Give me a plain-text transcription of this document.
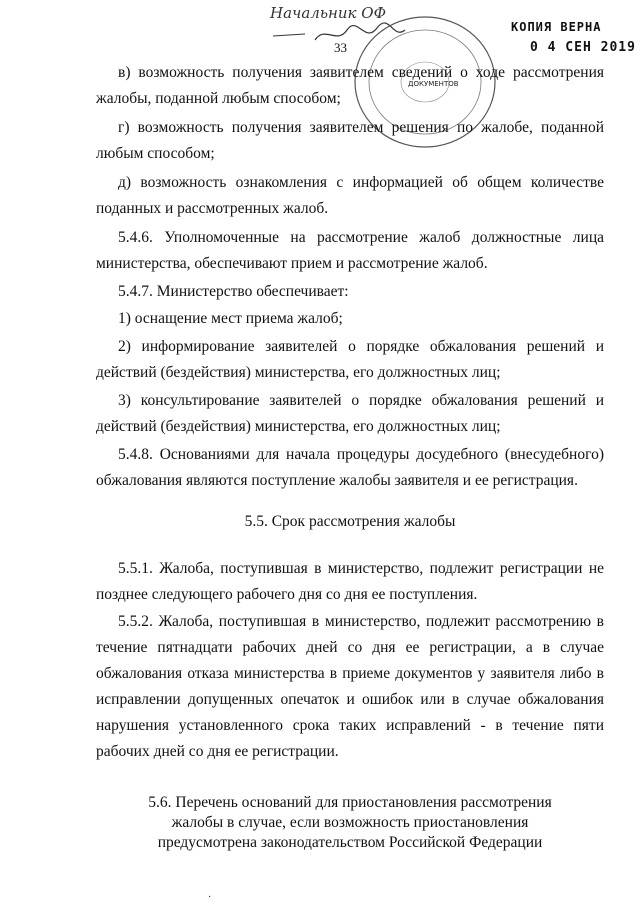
Начальник ОФ
ДОКУМЕНТОВ
33
КОПИЯ ВЕРНА
0 4 СЕН 2019
в) возможность получения заявителем сведений о ходе рассмотрения
жалобы, поданной любым способом;
г) возможность получения заявителем решения по жалобе, поданной
любым способом;
д) возможность ознакомления с информацией об общем количестве
поданных и рассмотренных жалоб.
5.4.6. Уполномоченные на рассмотрение жалоб должностные лица
министерства, обеспечивают прием и рассмотрение жалоб.
5.4.7. Министерство обеспечивает:
1) оснащение мест приема жалоб;
2) информирование заявителей о порядке обжалования решений и
действий (бездействия) министерства, его должностных лиц;
3) консультирование заявителей о порядке обжалования решений и
действий (бездействия) министерства, его должностных лиц;
5.4.8. Основаниями для начала процедуры досудебного (внесудебного)
обжалования являются поступление жалобы заявителя и ее регистрация.
5.5. Срок рассмотрения жалобы
5.5.1. Жалоба, поступившая в министерство, подлежит регистрации не
позднее следующего рабочего дня со дня ее поступления.
5.5.2. Жалоба, поступившая в министерство, подлежит рассмотрению в
течение пятнадцати рабочих дней со дня ее регистрации, а в случае
обжалования отказа министерства в приеме документов у заявителя либо в
исправлении допущенных опечаток и ошибок или в случае обжалования
нарушения установленного срока таких исправлений - в течение пяти
рабочих дней со дня ее регистрации.
5.6. Перечень оснований для приостановления рассмотрения
жалобы в случае, если возможность приостановления
предусмотрена законодательством Российской Федерации
·
